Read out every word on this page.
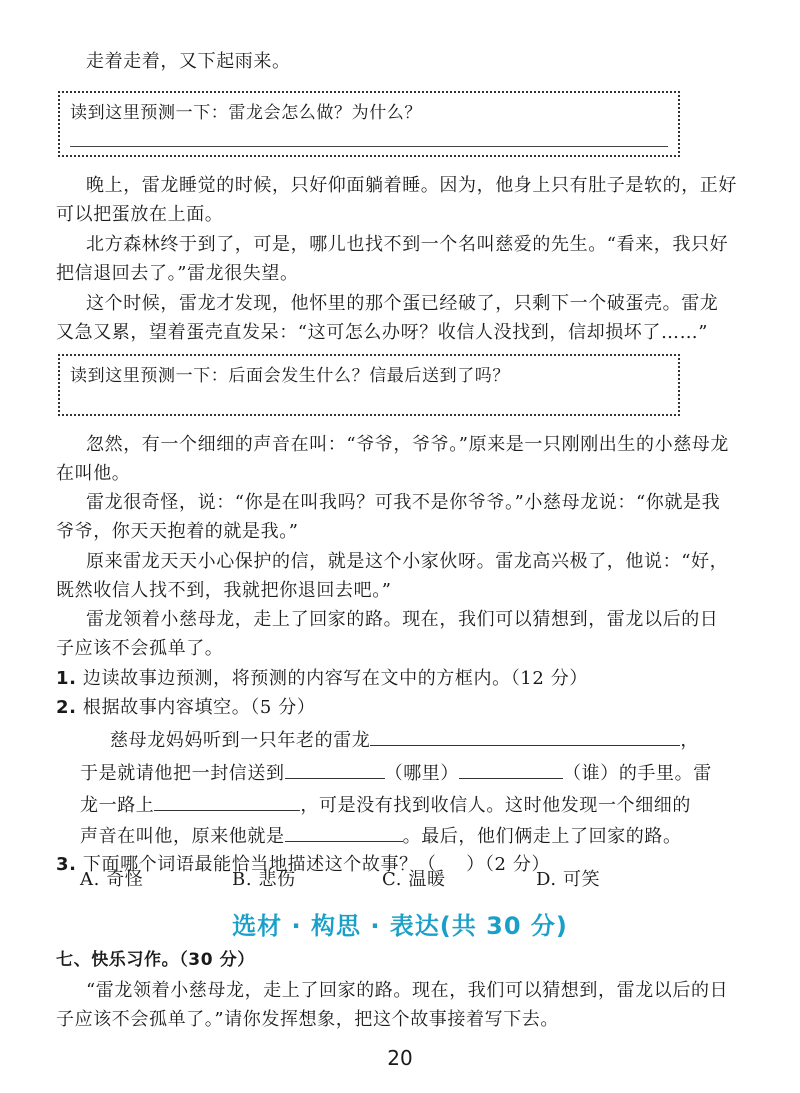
走着走着，又下起雨来。
读到这里预测一下：雷龙会怎么做？为什么？
晚上，雷龙睡觉的时候，只好仰面躺着睡。因为，他身上只有肚子是软的，正好
可以把蛋放在上面。
北方森林终于到了，可是，哪儿也找不到一个名叫慈爱的先生。“看来，我只好
把信退回去了。”雷龙很失望。
这个时候，雷龙才发现，他怀里的那个蛋已经破了，只剩下一个破蛋壳。雷龙
又急又累，望着蛋壳直发呆：“这可怎么办呀？收信人没找到，信却损坏了……”
读到这里预测一下：后面会发生什么？信最后送到了吗？
忽然，有一个细细的声音在叫：“爷爷，爷爷。”原来是一只刚刚出生的小慈母龙
在叫他。
雷龙很奇怪，说：“你是在叫我吗？可我不是你爷爷。”小慈母龙说：“你就是我
爷爷，你天天抱着的就是我。”
原来雷龙天天小心保护的信，就是这个小家伙呀。雷龙高兴极了，他说：“好，
既然收信人找不到，我就把你退回去吧。”
雷龙领着小慈母龙，走上了回家的路。现在，我们可以猜想到，雷龙以后的日
子应该不会孤单了。
1. 边读故事边预测，将预测的内容写在文中的方框内。（12 分）
2. 根据故事内容填空。（5 分）
慈母龙妈妈听到一只年老的雷龙	，
于是就请他把一封信送到	（哪里）	（谁）的手里。雷
龙一路上	，可是没有找到收信人。这时他发现一个细细的
声音在叫他，原来他就是	。最后，他们俩走上了回家的路。
3. 下面哪个词语最能恰当地描述这个故事？（ ）（2 分）
A. 奇怪	B. 悲伤	C. 温暖	D. 可笑
选材 · 构思 · 表达(共 30 分)
七、快乐习作。（30 分）
“雷龙领着小慈母龙，走上了回家的路。现在，我们可以猜想到，雷龙以后的日
子应该不会孤单了。”请你发挥想象，把这个故事接着写下去。
20
